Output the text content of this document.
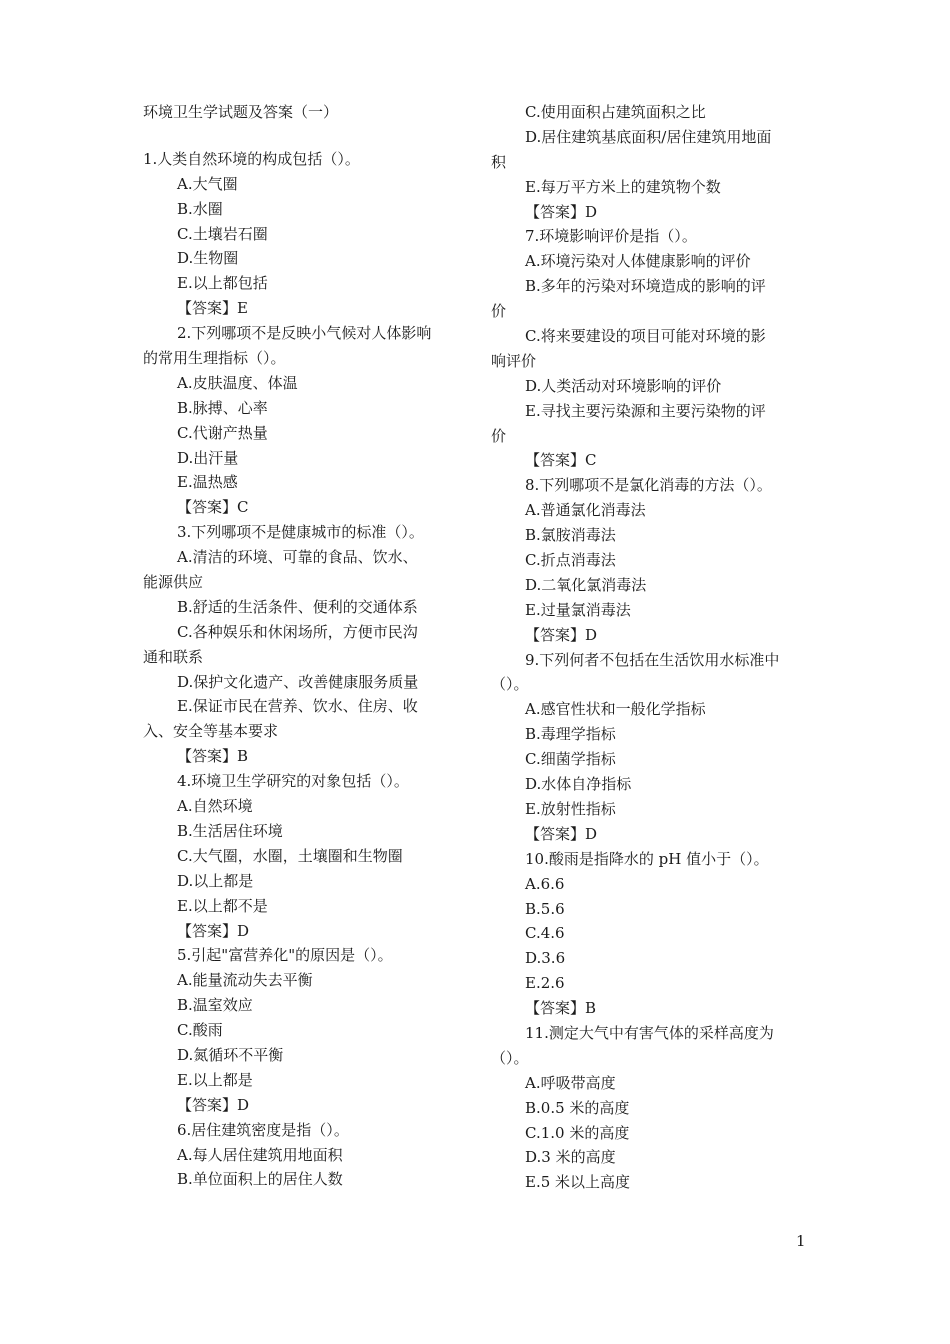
环境卫生学试题及答案（一）
1.人类自然环境的构成包括（）。
A.大气圈
B.水圈
C.土壤岩石圈
D.生物圈
E.以上都包括
【答案】E
2.下列哪项不是反映小气候对人体影响
的常用生理指标（）。
A.皮肤温度、体温
B.脉搏、心率
C.代谢产热量
D.出汗量
E.温热感
【答案】C
3.下列哪项不是健康城市的标准（）。
A.清洁的环境、可靠的食品、饮水、
能源供应
B.舒适的生活条件、便利的交通体系
C.各种娱乐和休闲场所，方便市民沟
通和联系
D.保护文化遗产、改善健康服务质量
E.保证市民在营养、饮水、住房、收
入、安全等基本要求
【答案】B
4.环境卫生学研究的对象包括（）。
A.自然环境
B.生活居住环境
C.大气圈，水圈，土壤圈和生物圈
D.以上都是
E.以上都不是
【答案】D
5.引起"富营养化"的原因是（）。
A.能量流动失去平衡
B.温室效应
C.酸雨
D.氮循环不平衡
E.以上都是
【答案】D
6.居住建筑密度是指（）。
A.每人居住建筑用地面积
B.单位面积上的居住人数
C.使用面积占建筑面积之比
D.居住建筑基底面积/居住建筑用地面
积
E.每万平方米上的建筑物个数
【答案】D
7.环境影响评价是指（）。
A.环境污染对人体健康影响的评价
B.多年的污染对环境造成的影响的评
价
C.将来要建设的项目可能对环境的影
响评价
D.人类活动对环境影响的评价
E.寻找主要污染源和主要污染物的评
价
【答案】C
8.下列哪项不是氯化消毒的方法（）。
A.普通氯化消毒法
B.氯胺消毒法
C.折点消毒法
D.二氧化氯消毒法
E.过量氯消毒法
【答案】D
9.下列何者不包括在生活饮用水标准中
（）。
A.感官性状和一般化学指标
B.毒理学指标
C.细菌学指标
D.水体自净指标
E.放射性指标
【答案】D
10.酸雨是指降水的 pH 值小于（）。
A.6.6
B.5.6
C.4.6
D.3.6
E.2.6
【答案】B
11.测定大气中有害气体的采样高度为
（）。
A.呼吸带高度
B.0.5 米的高度
C.1.0 米的高度
D.3 米的高度
E.5 米以上高度
1
